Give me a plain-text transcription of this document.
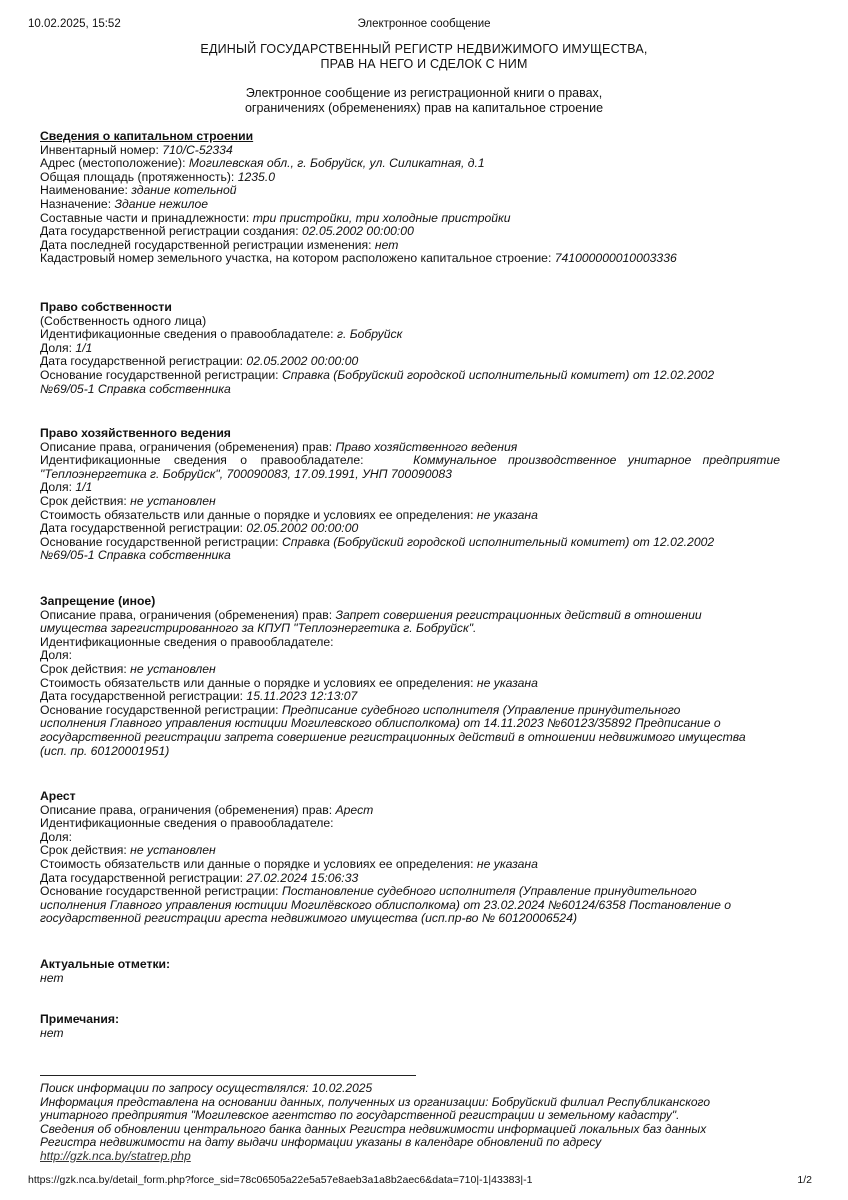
10.02.2025, 15:52	Электронное сообщение
ЕДИНЫЙ ГОСУДАРСТВЕННЫЙ РЕГИСТР НЕДВИЖИМОГО ИМУЩЕСТВА,
ПРАВ НА НЕГО И СДЕЛОК С НИМ
Электронное сообщение из регистрационной книги о правах,
ограничениях (обременениях) прав на капитальное строение
Сведения о капитальном строении
Инвентарный номер: 710/C-52334
Адрес (местоположение): Могилевская обл., г. Бобруйск, ул. Силикатная, д.1
Общая площадь (протяженность): 1235.0
Наименование: здание котельной
Назначение: Здание нежилое
Составные части и принадлежности: три пристройки, три холодные пристройки
Дата государственной регистрации создания: 02.05.2002 00:00:00
Дата последней государственной регистрации изменения: нет
Кадастровый номер земельного участка, на котором расположено капитальное строение: 741000000010003336
Право собственности
(Собственность одного лица)
Идентификационные сведения о правообладателе: г. Бобруйск
Доля: 1/1
Дата государственной регистрации: 02.05.2002 00:00:00
Основание государственной регистрации: Справка (Бобруйский городской исполнительный комитет) от 12.02.2002
№69/05-1 Справка собственника
Право хозяйственного ведения
Описание права, ограничения (обременения) прав: Право хозяйственного ведения
Идентификационные сведения о правообладателе:	Коммунальное производственное унитарное предприятие
"Теплоэнергетика г. Бобруйск", 700090083, 17.09.1991, УНП 700090083
Доля: 1/1
Срок действия: не установлен
Стоимость обязательств или данные о порядке и условиях ее определения: не указана
Дата государственной регистрации: 02.05.2002 00:00:00
Основание государственной регистрации: Справка (Бобруйский городской исполнительный комитет) от 12.02.2002
№69/05-1 Справка собственника
Запрещение (иное)
Описание права, ограничения (обременения) прав: Запрет совершения регистрационных действий в отношении
имущества зарегистрированного за КПУП "Теплоэнергетика г. Бобруйск".
Идентификационные сведения о правообладателе:
Доля:
Срок действия: не установлен
Стоимость обязательств или данные о порядке и условиях ее определения: не указана
Дата государственной регистрации: 15.11.2023 12:13:07
Основание государственной регистрации: Предписание судебного исполнителя (Управление принудительного
исполнения Главного управления юстиции Могилевского облисполкома) от 14.11.2023 №60123/35892 Предписание о
государственной регистрации запрета совершение регистрационных действий в отношении недвижимого имущества
(исп. пр. 60120001951)
Арест
Описание права, ограничения (обременения) прав: Арест
Идентификационные сведения о правообладателе:
Доля:
Срок действия: не установлен
Стоимость обязательств или данные о порядке и условиях ее определения: не указана
Дата государственной регистрации: 27.02.2024 15:06:33
Основание государственной регистрации: Постановление судебного исполнителя (Управление принудительного
исполнения Главного управления юстиции Могилёвского облисполкома) от 23.02.2024 №60124/6358 Постановление о
государственной регистрации ареста недвижимого имущества (исп.пр-во № 60120006524)
Актуальные отметки:
нет
Примечания:
нет
Поиск информации по запросу осуществлялся: 10.02.2025
Информация представлена на основании данных, полученных из организации: Бобруйский филиал Республиканского
унитарного предприятия "Могилевское агентство по государственной регистрации и земельному кадастру".
Сведения об обновлении центрального банка данных Регистра недвижимости информацией локальных баз данных
Регистра недвижимости на дату выдачи информации указаны в календаре обновлений по адресу
http://gzk.nca.by/statrep.php
https://gzk.nca.by/detail_form.php?force_sid=78c06505a22e5a57e8aeb3a1a8b2aec6&data=710|-1|43383|-1	1/2
